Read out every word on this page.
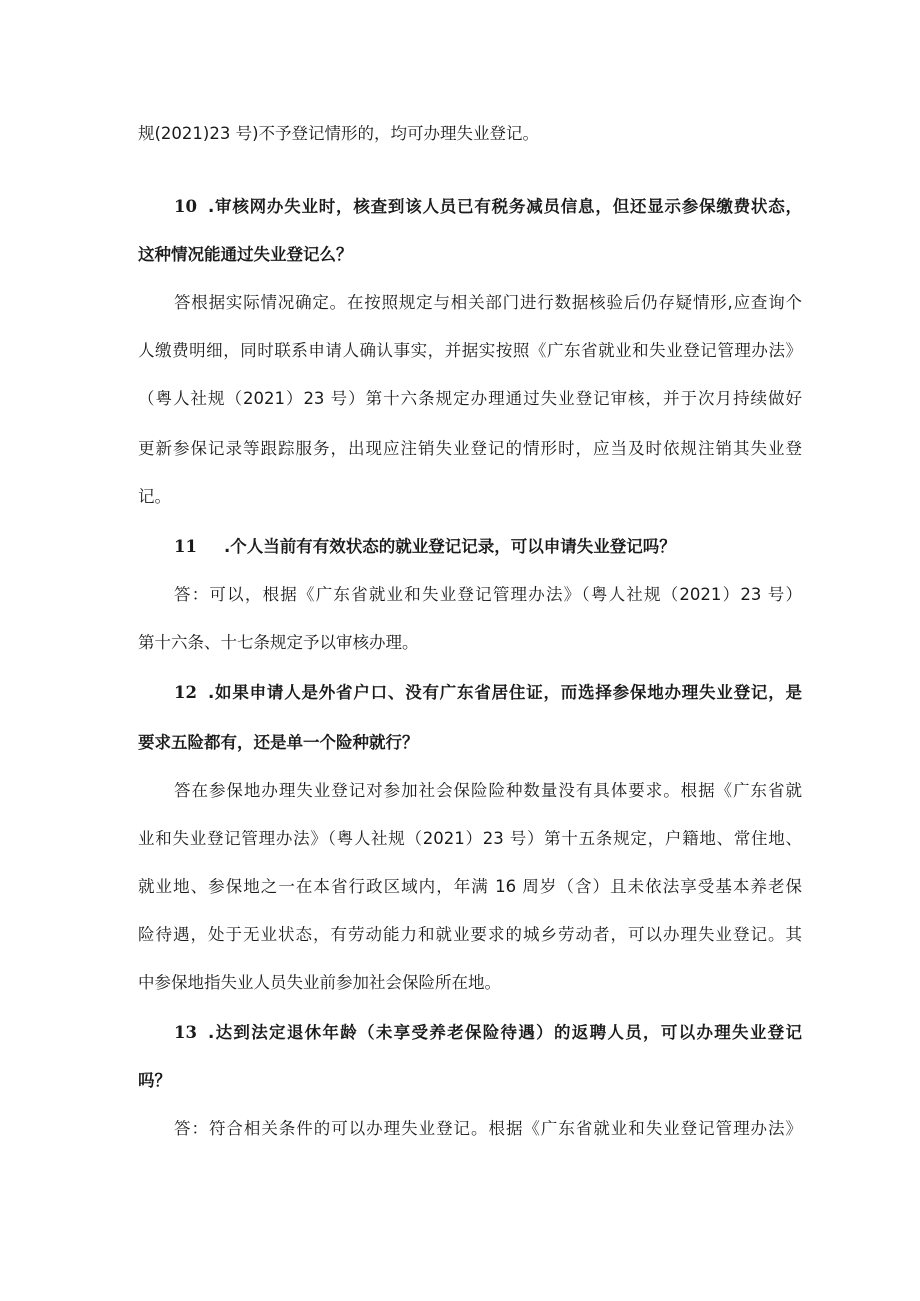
规(2021)23 号)不予登记情形的，均可办理失业登记。
10 .审核网办失业时，核查到该人员已有税务减员信息，但还显示参保缴费状态，
这种情况能通过失业登记么？
答根据实际情况确定。在按照规定与相关部门进行数据核验后仍存疑情形,应查询个
人缴费明细，同时联系申请人确认事实，并据实按照《广东省就业和失业登记管理办法》
（粤人社规（2021）23 号）第十六条规定办理通过失业登记审核，并于次月持续做好
更新参保记录等跟踪服务，出现应注销失业登记的情形时，应当及时依规注销其失业登
记。
11 .个人当前有有效状态的就业登记记录，可以申请失业登记吗？
答：可以，根据《广东省就业和失业登记管理办法》（粤人社规（2021）23 号）
第十六条、十七条规定予以审核办理。
12 .如果申请人是外省户口、没有广东省居住证，而选择参保地办理失业登记，是
要求五险都有，还是单一个险种就行？
答在参保地办理失业登记对参加社会保险险种数量没有具体要求。根据《广东省就
业和失业登记管理办法》（粤人社规（2021）23 号）第十五条规定，户籍地、常住地、
就业地、参保地之一在本省行政区域内，年满 16 周岁（含）且未依法享受基本养老保
险待遇，处于无业状态，有劳动能力和就业要求的城乡劳动者，可以办理失业登记。其
中参保地指失业人员失业前参加社会保险所在地。
13 .达到法定退休年龄（未享受养老保险待遇）的返聘人员，可以办理失业登记
吗？
答：符合相关条件的可以办理失业登记。根据《广东省就业和失业登记管理办法》
